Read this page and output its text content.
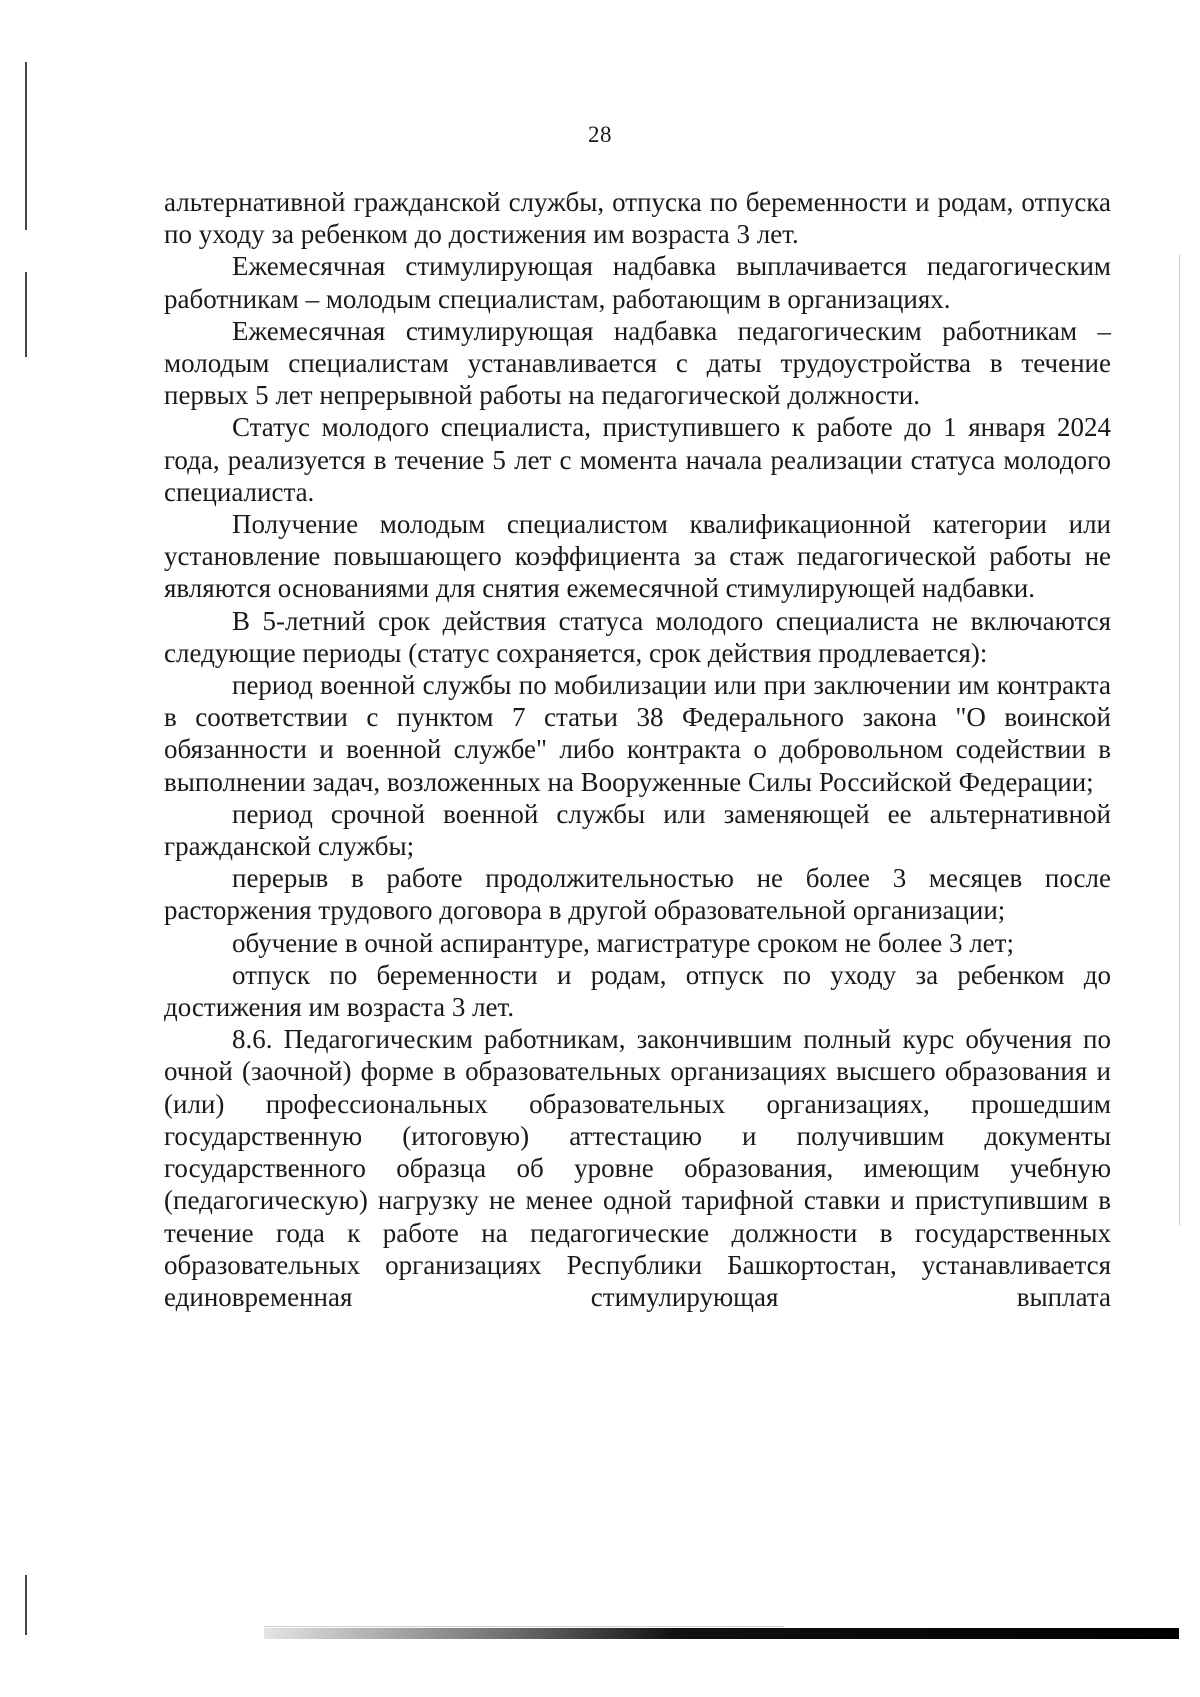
28

альтернативной гражданской службы, отпуска по беременности и родам, отпуска по уходу за ребенком до достижения им возраста 3 лет.

Ежемесячная стимулирующая надбавка выплачивается педагогическим работникам – молодым специалистам, работающим в организациях.

Ежемесячная стимулирующая надбавка педагогическим работникам – молодым специалистам устанавливается с даты трудоустройства в течение первых 5 лет непрерывной работы на педагогической должности.

Статус молодого специалиста, приступившего к работе до 1 января 2024 года, реализуется в течение 5 лет с момента начала реализации статуса молодого специалиста.

Получение молодым специалистом квалификационной категории или установление повышающего коэффициента за стаж педагогической работы не являются основаниями для снятия ежемесячной стимулирующей надбавки.

В 5-летний срок действия статуса молодого специалиста не включаются следующие периоды (статус сохраняется, срок действия продлевается):

период военной службы по мобилизации или при заключении им контракта в соответствии с пунктом 7 статьи 38 Федерального закона "О воинской обязанности и военной службе" либо контракта о добровольном содействии в выполнении задач, возложенных на Вооруженные Силы Российской Федерации;

период срочной военной службы или заменяющей ее альтернативной гражданской службы;

перерыв в работе продолжительностью не более 3 месяцев после расторжения трудового договора в другой образовательной организации;

обучение в очной аспирантуре, магистратуре сроком не более 3 лет;

отпуск по беременности и родам, отпуск по уходу за ребенком до достижения им возраста 3 лет.

8.6. Педагогическим работникам, закончившим полный курс обучения по очной (заочной) форме в образовательных организациях высшего образования и (или) профессиональных образовательных организациях, прошедшим государственную (итоговую) аттестацию и получившим документы государственного образца об уровне образования, имеющим учебную (педагогическую) нагрузку не менее одной тарифной ставки и приступившим в течение года к работе на педагогические должности в государственных образовательных организациях Республики Башкортостан, устанавливается единовременная стимулирующая выплата
